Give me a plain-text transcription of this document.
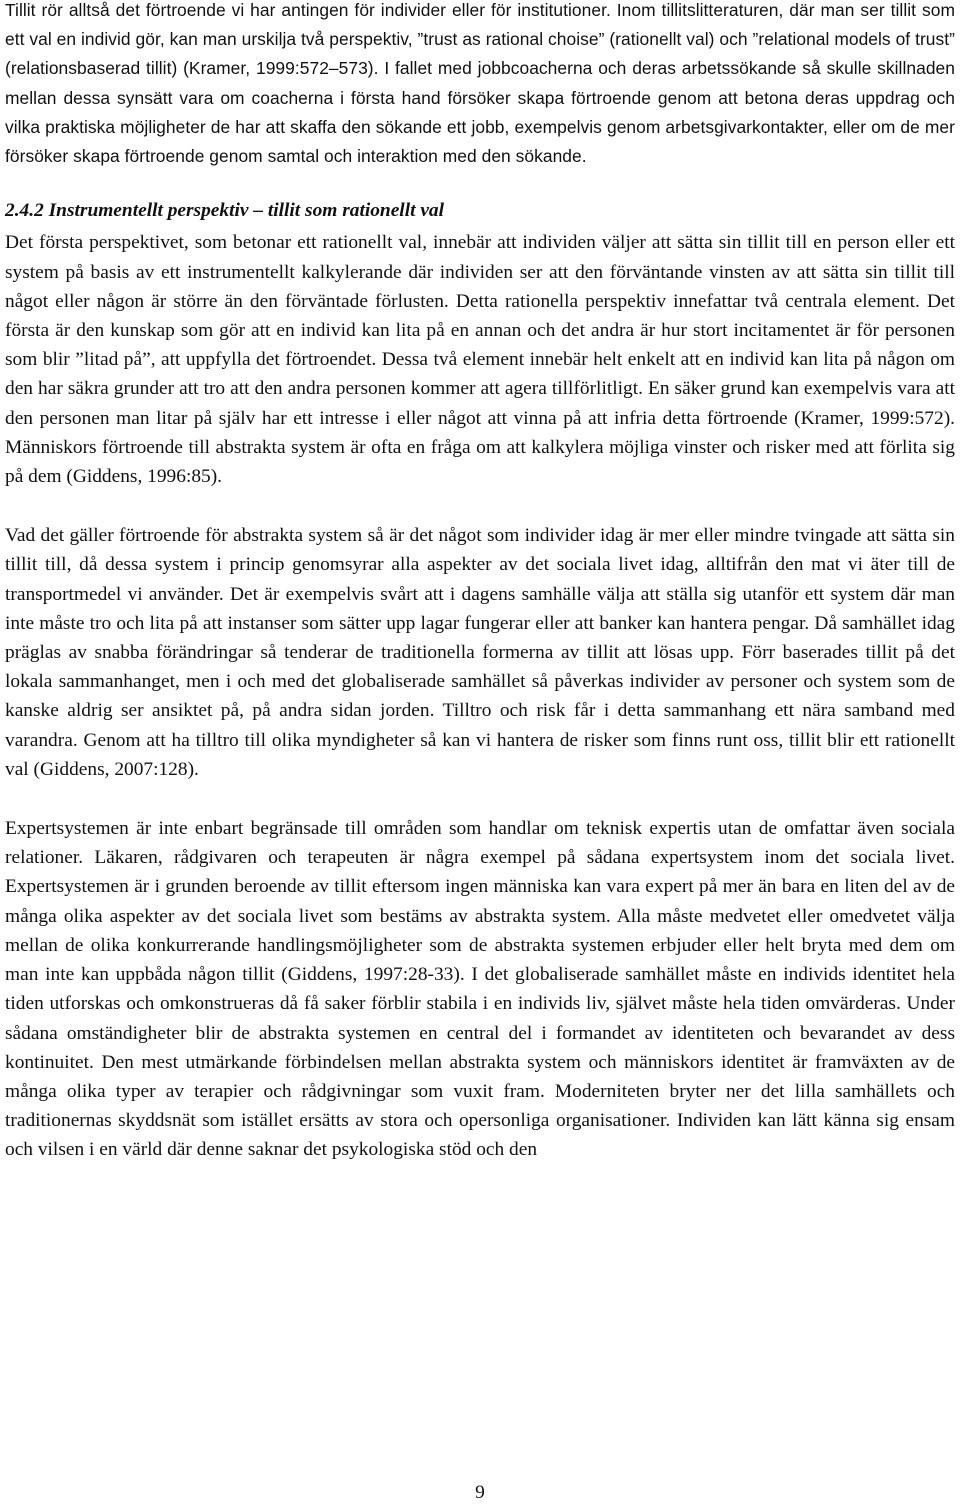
Tillit rör alltså det förtroende vi har antingen för individer eller för institutioner. Inom tillitslitteraturen, där man ser tillit som ett val en individ gör, kan man urskilja två perspektiv, ”trust as rational choise” (rationellt val) och ”relational models of trust” (relationsbaserad tillit) (Kramer, 1999:572–573). I fallet med jobbcoacherna och deras arbetssökande så skulle skillnaden mellan dessa synsätt vara om coacherna i första hand försöker skapa förtroende genom att betona deras uppdrag och vilka praktiska möjligheter de har att skaffa den sökande ett jobb, exempelvis genom arbetsgivarkontakter, eller om de mer försöker skapa förtroende genom samtal och interaktion med den sökande.

2.4.2 Instrumentellt perspektiv – tillit som rationellt val

Det första perspektivet, som betonar ett rationellt val, innebär att individen väljer att sätta sin tillit till en person eller ett system på basis av ett instrumentellt kalkylerande där individen ser att den förväntande vinsten av att sätta sin tillit till något eller någon är större än den förväntade förlusten. Detta rationella perspektiv innefattar två centrala element. Det första är den kunskap som gör att en individ kan lita på en annan och det andra är hur stort incitamentet är för personen som blir ”litad på”, att uppfylla det förtroendet. Dessa två element innebär helt enkelt att en individ kan lita på någon om den har säkra grunder att tro att den andra personen kommer att agera tillförlitligt. En säker grund kan exempelvis vara att den personen man litar på själv har ett intresse i eller något att vinna på att infria detta förtroende (Kramer, 1999:572). Människors förtroende till abstrakta system är ofta en fråga om att kalkylera möjliga vinster och risker med att förlita sig på dem (Giddens, 1996:85).

Vad det gäller förtroende för abstrakta system så är det något som individer idag är mer eller mindre tvingade att sätta sin tillit till, då dessa system i princip genomsyrar alla aspekter av det sociala livet idag, alltifrån den mat vi äter till de transportmedel vi använder. Det är exempelvis svårt att i dagens samhälle välja att ställa sig utanför ett system där man inte måste tro och lita på att instanser som sätter upp lagar fungerar eller att banker kan hantera pengar. Då samhället idag präglas av snabba förändringar så tenderar de traditionella formerna av tillit att lösas upp. Förr baserades tillit på det lokala sammanhanget, men i och med det globaliserade samhället så påverkas individer av personer och system som de kanske aldrig ser ansiktet på, på andra sidan jorden. Tilltro och risk får i detta sammanhang ett nära samband med varandra. Genom att ha tilltro till olika myndigheter så kan vi hantera de risker som finns runt oss, tillit blir ett rationellt val (Giddens, 2007:128).

Expertsystemen är inte enbart begränsade till områden som handlar om teknisk expertis utan de omfattar även sociala relationer. Läkaren, rådgivaren och terapeuten är några exempel på sådana expertsystem inom det sociala livet. Expertsystemen är i grunden beroende av tillit eftersom ingen människa kan vara expert på mer än bara en liten del av de många olika aspekter av det sociala livet som bestäms av abstrakta system. Alla måste medvetet eller omedvetet välja mellan de olika konkurrerande handlingsmöjligheter som de abstrakta systemen erbjuder eller helt bryta med dem om man inte kan uppbåda någon tillit (Giddens, 1997:28-33). I det globaliserade samhället måste en individs identitet hela tiden utforskas och omkonstrueras då få saker förblir stabila i en individs liv, självet måste hela tiden omvärderas. Under sådana omständigheter blir de abstrakta systemen en central del i formandet av identiteten och bevarandet av dess kontinuitet. Den mest utmärkande förbindelsen mellan abstrakta system och människors identitet är framväxten av de många olika typer av terapier och rådgivningar som vuxit fram. Moderniteten bryter ner det lilla samhällets och traditionernas skyddsnät som istället ersätts av stora och opersonliga organisationer. Individen kan lätt känna sig ensam och vilsen i en värld där denne saknar det psykologiska stöd och den

9
